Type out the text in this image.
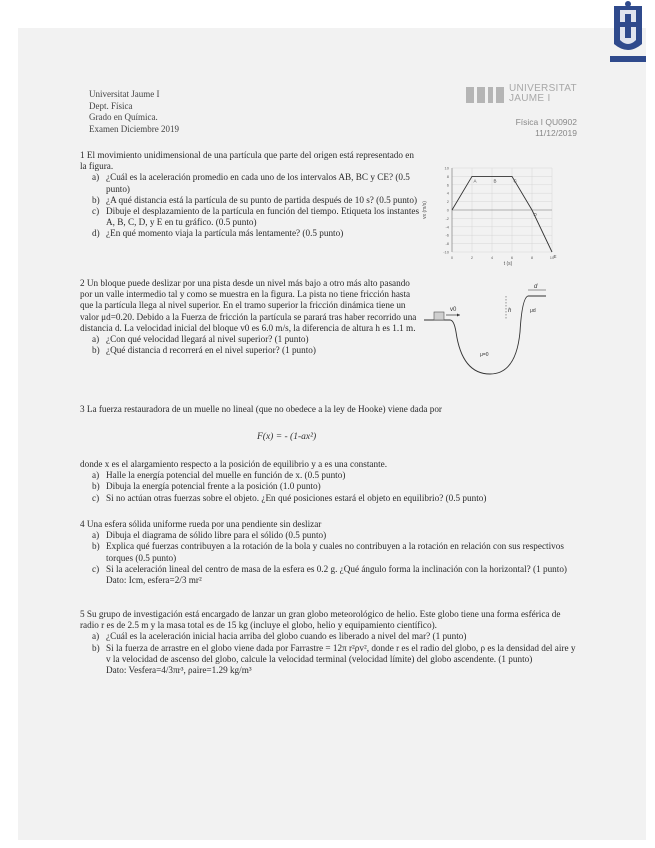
Universitat Jaume I
Dept. Física
Grado en Química.
Examen Diciembre 2019
UNIVERSITAT
JAUME I
Física I QU0902
11/12/2019

1 El movimiento unidimensional de una partícula que parte del origen está representado en la figura.

a) ¿Cuál es la aceleración promedio en cada uno de los intervalos AB, BC y CE? (0.5 punto)
b) ¿A qué distancia está la partícula de su punto de partida después de 10 s? (0.5 punto)
c) Dibuje el desplazamiento de la partícula en función del tiempo. Etiqueta los instantes A, B, C, D, y E en tu gráfico. (0.5 punto)
d) ¿En qué momento viaja la partícula más lentamente? (0.5 punto)
10
8
6
4
2
0
-2
-4
-6
-8
-10
0	2	4	6	8	10
A	B	C
D
E
t (s)
vx (m/s)

2 Un bloque puede deslizar por una pista desde un nivel más bajo a otro más alto pasando por un valle intermedio tal y como se muestra en la figura. La pista no tiene fricción hasta que la partícula llega al nivel superior. En el tramo superior la fricción dinámica tiene un valor μd=0.20. Debido a la Fuerza de fricción la partícula se parará tras haber recorrido una distancia d. La velocidad inicial del bloque v0 es 6.0 m/s, la diferencia de altura h es 1.1 m.

a) ¿Con qué velocidad llegará al nivel superior? (1 punto)
b) ¿Qué distancia d recorrerá en el nivel superior? (1 punto)
v0	h
d
μd
μ=0

3 La fuerza restauradora de un muelle no lineal (que no obedece a la ley de Hooke) viene dada por

F(x) = - (1-ax²)

donde x es el alargamiento respecto a la posición de equilibrio y a es una constante.

a) Halle la energía potencial del muelle en función de x. (0.5 punto)
b) Dibuja la energía potencial frente a la posición (1.0 punto)
c) Si no actúan otras fuerzas sobre el objeto. ¿En qué posiciones estará el objeto en equilibrio? (0.5 punto)

4 Una esfera sólida uniforme rueda por una pendiente sin deslizar

a) Dibuja el diagrama de sólido libre para el sólido (0.5 punto)
b) Explica qué fuerzas contribuyen a la rotación de la bola y cuales no contribuyen a la rotación en relación con sus respectivos torques (0.5 punto)
c) Si la aceleración lineal del centro de masa de la esfera es 0.2 g. ¿Qué ángulo forma la inclinación con la horizontal? (1 punto)
Dato: Icm, esfera=2/3 mr²

5 Su grupo de investigación está encargado de lanzar un gran globo meteorológico de helio. Este globo tiene una forma esférica de radio r es de 2.5 m y la masa total es de 15 kg (incluye el globo, helio y equipamiento científico).

a) ¿Cuál es la aceleración inicial hacia arriba del globo cuando es liberado a nivel del mar? (1 punto)
b) Si la fuerza de arrastre en el globo viene dada por Farrastre = 12π r²ρv², donde r es el radio del globo, ρ es la densidad del aire y v la velocidad de ascenso del globo, calcule la velocidad terminal (velocidad límite) del globo ascendente. (1 punto)
Dato: Vesfera=4/3πr³, ρaire=1.29 kg/m³
